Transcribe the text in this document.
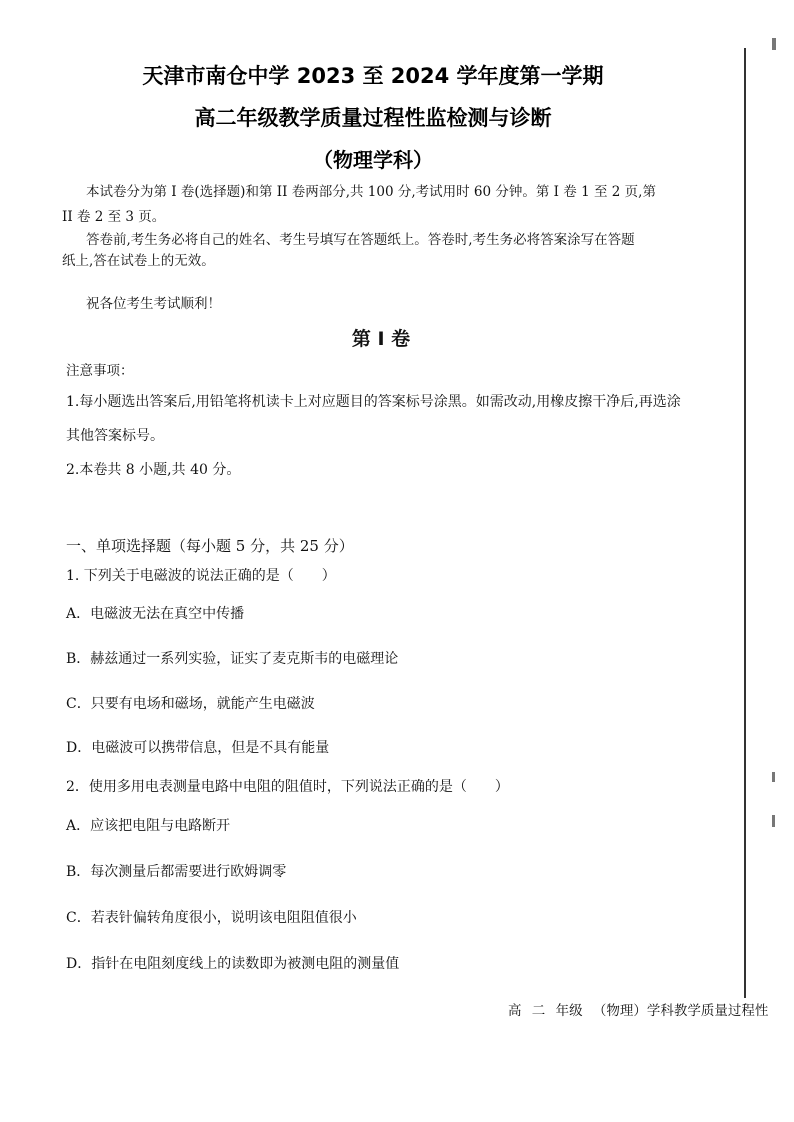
天津市南仓中学 2023 至 2024 学年度第一学期
高二年级教学质量过程性监检测与诊断
（物理学科）
本试卷分为第 I 卷(选择题)和第 II 卷两部分,共 100 分,考试用时 60 分钟。第 I 卷 1 至 2 页,第
II 卷 2 至 3 页。
答卷前,考生务必将自己的姓名、考生号填写在答题纸上。答卷时,考生务必将答案涂写在答题
纸上,答在试卷上的无效。
祝各位考生考试顺利！
第 I 卷
注意事项：
1.每小题选出答案后,用铅笔将机读卡上对应题目的答案标号涂黑。如需改动,用橡皮擦干净后,再选涂
其他答案标号。
2.本卷共 8 小题,共 40 分。
一、单项选择题（每小题 5 分，共 25 分）
1. 下列关于电磁波的说法正确的是（　　）
A．电磁波无法在真空中传播
B．赫兹通过一系列实验，证实了麦克斯韦的电磁理论
C．只要有电场和磁场，就能产生电磁波
D．电磁波可以携带信息，但是不具有能量
2．使用多用电表测量电路中电阻的阻值时，下列说法正确的是（　　）
A．应该把电阻与电路断开
B．每次测量后都需要进行欧姆调零
C．若表针偏转角度很小，说明该电阻阻值很小
D．指针在电阻刻度线上的读数即为被测电阻的测量值
高 二 年级 （物理）学科教学质量过程性
